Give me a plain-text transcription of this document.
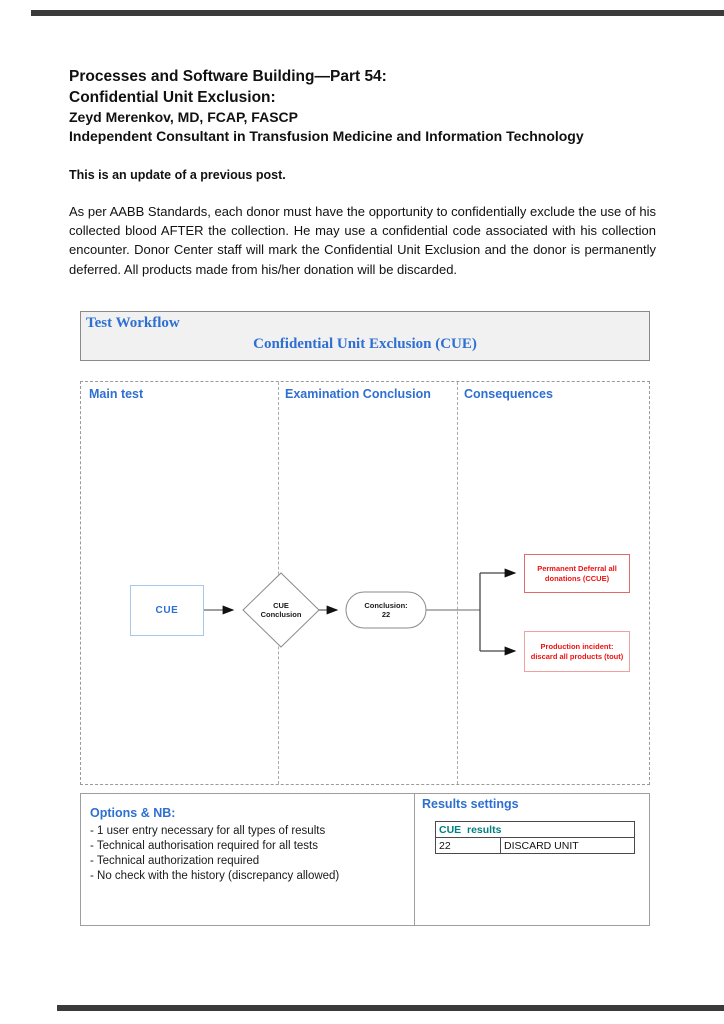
Processes and Software Building—Part 54:
Confidential Unit Exclusion:
Zeyd Merenkov, MD, FCAP, FASCP
Independent Consultant in Transfusion Medicine and Information Technology
This is an update of a previous post.
As per AABB Standards, each donor must have the opportunity to confidentially exclude the use of his collected blood AFTER the collection. He may use a confidential code associated with his collection encounter. Donor Center staff will mark the Confidential Unit Exclusion and the donor is permanently deferred. All products made from his/her donation will be discarded.
Test Workflow
Confidential Unit Exclusion (CUE)
Main test	Examination Conclusion	Consequences
CUE	CUE
Conclusion
Conclusion:
22
Permanent Deferral all donations (CCUE)
Production incident: discard all products (tout)
Options & NB:
- 1 user entry necessary for all types of results
- Technical authorisation required for all tests
- Technical authorization required
- No check with the history (discrepancy allowed)
Results settings
CUE  results
22	DISCARD UNIT
